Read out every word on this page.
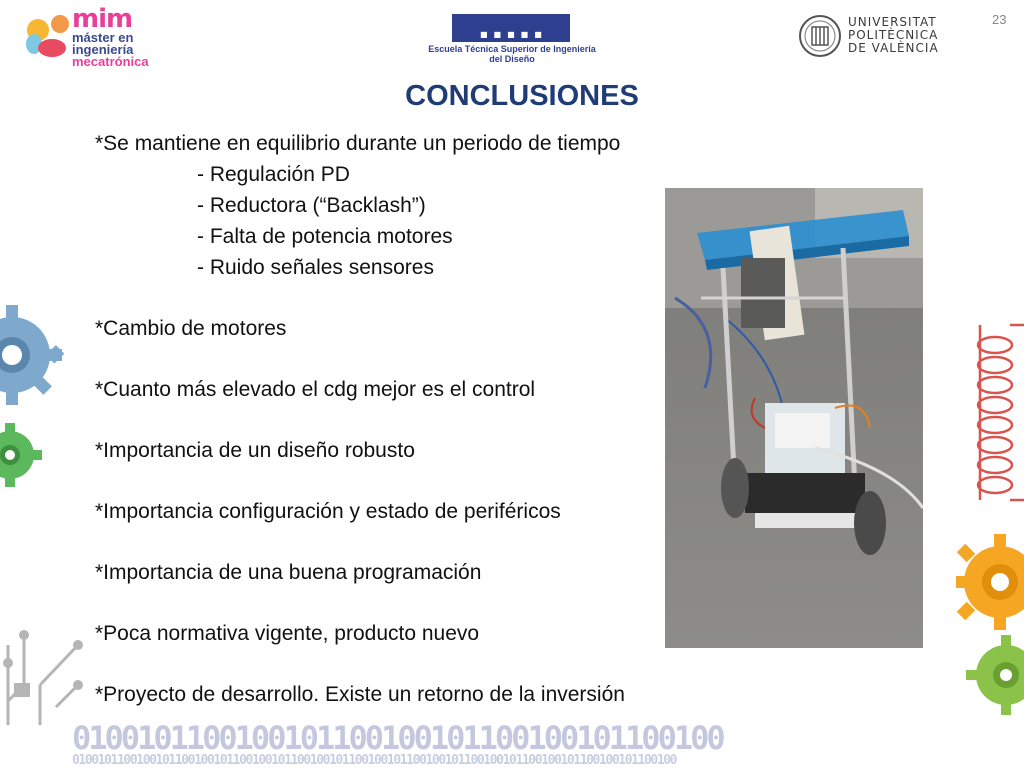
mim
máster en
ingeniería
mecatrónica
■■■■■
Escuela Técnica Superior de Ingeniería del Diseño
UNIVERSITAT
POLITÈCNICA
DE VALÈNCIA
23
CONCLUSIONES
*Se mantiene en equilibrio durante un periodo de tiempo
- Regulación PD
- Reductora (“Backlash”)
- Falta de potencia motores
- Ruido señales sensores
*Cambio de motores
*Cuanto más elevado el cdg mejor es el control
*Importancia de un diseño robusto
*Importancia configuración y estado de periféricos
*Importancia de una buena programación
*Poca normativa vigente, producto nuevo
*Proyecto de desarrollo. Existe un retorno de la inversión
0100101100100101100100101100100101100100
0100101100100101100100101100100101100100101100100101100100101100100101100100101100100101100100
